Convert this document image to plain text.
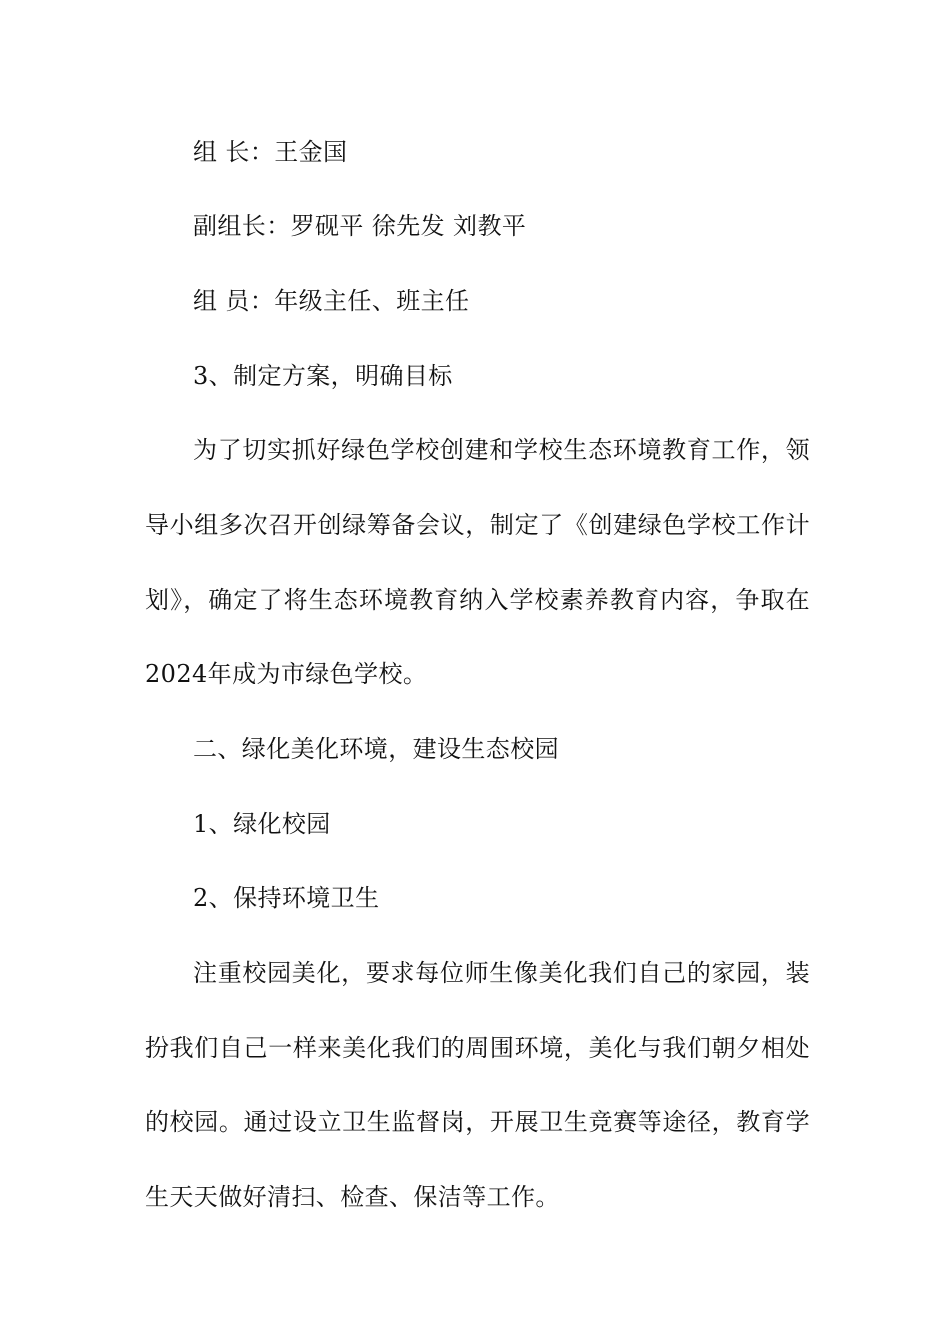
组 长：王金国

副组长：罗砚平 徐先发 刘教平

组 员：年级主任、班主任

3、制定方案，明确目标

为了切实抓好绿色学校创建和学校生态环境教育工作，领

导小组多次召开创绿筹备会议，制定了《创建绿色学校工作计

划》，确定了将生态环境教育纳入学校素养教育内容，争取在

2024年成为市绿色学校。

二、绿化美化环境，建设生态校园

1、绿化校园

2、保持环境卫生

注重校园美化，要求每位师生像美化我们自己的家园，装

扮我们自己一样来美化我们的周围环境，美化与我们朝夕相处

的校园。通过设立卫生监督岗，开展卫生竞赛等途径，教育学

生天天做好清扫、检查、保洁等工作。
